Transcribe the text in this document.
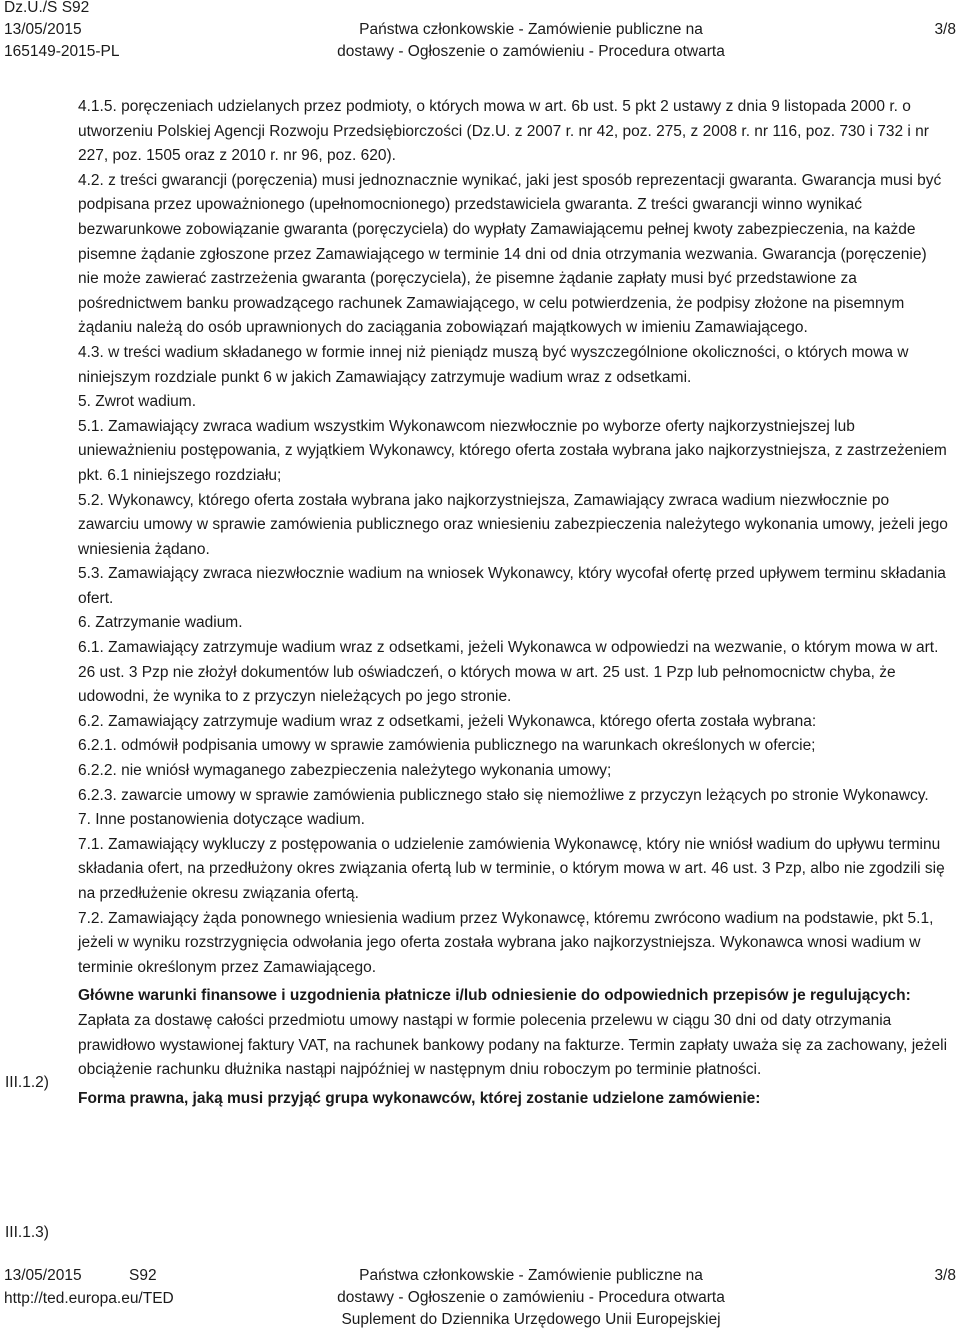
Dz.U./S S92
13/05/2015
165149-2015-PL
Państwa członkowskie - Zamówienie publiczne na
dostawy - Ogłoszenie o zamówieniu - Procedura otwarta
3/8

4.1.5. poręczeniach udzielanych przez podmioty, o których mowa w art. 6b ust. 5 pkt 2 ustawy z dnia 9 listopada 2000 r. o utworzeniu Polskiej Agencji Rozwoju Przedsiębiorczości (Dz.U. z 2007 r. nr 42, poz. 275, z 2008 r. nr 116, poz. 730 i 732 i nr 227, poz. 1505 oraz z 2010 r. nr 96, poz. 620).

4.2. z treści gwarancji (poręczenia) musi jednoznacznie wynikać, jaki jest sposób reprezentacji gwaranta. Gwarancja musi być podpisana przez upoważnionego (upełnomocnionego) przedstawiciela gwaranta. Z treści gwarancji winno wynikać bezwarunkowe zobowiązanie gwaranta (poręczyciela) do wypłaty Zamawiającemu pełnej kwoty zabezpieczenia, na każde pisemne żądanie zgłoszone przez Zamawiającego w terminie 14 dni od dnia otrzymania wezwania. Gwarancja (poręczenie) nie może zawierać zastrzeżenia gwaranta (poręczyciela), że pisemne żądanie zapłaty musi być przedstawione za pośrednictwem banku prowadzącego rachunek Zamawiającego, w celu potwierdzenia, że podpisy złożone na pisemnym żądaniu należą do osób uprawnionych do zaciągania zobowiązań majątkowych w imieniu Zamawiającego.

4.3. w treści wadium składanego w formie innej niż pieniądz muszą być wyszczególnione okoliczności, o których mowa w niniejszym rozdziale punkt 6 w jakich Zamawiający zatrzymuje wadium wraz z odsetkami.

5. Zwrot wadium.

5.1. Zamawiający zwraca wadium wszystkim Wykonawcom niezwłocznie po wyborze oferty najkorzystniejszej lub unieważnieniu postępowania, z wyjątkiem Wykonawcy, którego oferta została wybrana jako najkorzystniejsza, z zastrzeżeniem pkt. 6.1 niniejszego rozdziału;

5.2. Wykonawcy, którego oferta została wybrana jako najkorzystniejsza, Zamawiający zwraca wadium niezwłocznie po zawarciu umowy w sprawie zamówienia publicznego oraz wniesieniu zabezpieczenia należytego wykonania umowy, jeżeli jego wniesienia żądano.

5.3. Zamawiający zwraca niezwłocznie wadium na wniosek Wykonawcy, który wycofał ofertę przed upływem terminu składania ofert.

6. Zatrzymanie wadium.

6.1. Zamawiający zatrzymuje wadium wraz z odsetkami, jeżeli Wykonawca w odpowiedzi na wezwanie, o którym mowa w art. 26 ust. 3 Pzp nie złożył dokumentów lub oświadczeń, o których mowa w art. 25 ust. 1 Pzp lub pełnomocnictw chyba, że udowodni, że wynika to z przyczyn nieleżących po jego stronie.

6.2. Zamawiający zatrzymuje wadium wraz z odsetkami, jeżeli Wykonawca, którego oferta została wybrana:

6.2.1. odmówił podpisania umowy w sprawie zamówienia publicznego na warunkach określonych w ofercie;

6.2.2. nie wniósł wymaganego zabezpieczenia należytego wykonania umowy;

6.2.3. zawarcie umowy w sprawie zamówienia publicznego stało się niemożliwe z przyczyn leżących po stronie Wykonawcy.

7. Inne postanowienia dotyczące wadium.

7.1. Zamawiający wykluczy z postępowania o udzielenie zamówienia Wykonawcę, który nie wniósł wadium do upływu terminu składania ofert, na przedłużony okres związania ofertą lub w terminie, o którym mowa w art. 46 ust. 3 Pzp, albo nie zgodzili się na przedłużenie okresu związania ofertą.

7.2. Zamawiający żąda ponownego wniesienia wadium przez Wykonawcę, któremu zwrócono wadium na podstawie, pkt 5.1, jeżeli w wyniku rozstrzygnięcia odwołania jego oferta została wybrana jako najkorzystniejsza. Wykonawca wnosi wadium w terminie określonym przez Zamawiającego.

Główne warunki finansowe i uzgodnienia płatnicze i/lub odniesienie do odpowiednich przepisów je regulujących:

Zapłata za dostawę całości przedmiotu umowy nastąpi w formie polecenia przelewu w ciągu 30 dni od daty otrzymania prawidłowo wystawionej faktury VAT, na rachunek bankowy podany na fakturze. Termin zapłaty uważa się za zachowany, jeżeli obciążenie rachunku dłużnika nastąpi najpóźniej w następnym dniu roboczym po terminie płatności.

Forma prawna, jaką musi przyjąć grupa wykonawców, której zostanie udzielone zamówienie:

III.1.2)
III.1.3)
13/05/2015	S92
http://ted.europa.eu/TED
Państwa członkowskie - Zamówienie publiczne na
dostawy - Ogłoszenie o zamówieniu - Procedura otwarta
Suplement do Dziennika Urzędowego Unii Europejskiej
3/8
